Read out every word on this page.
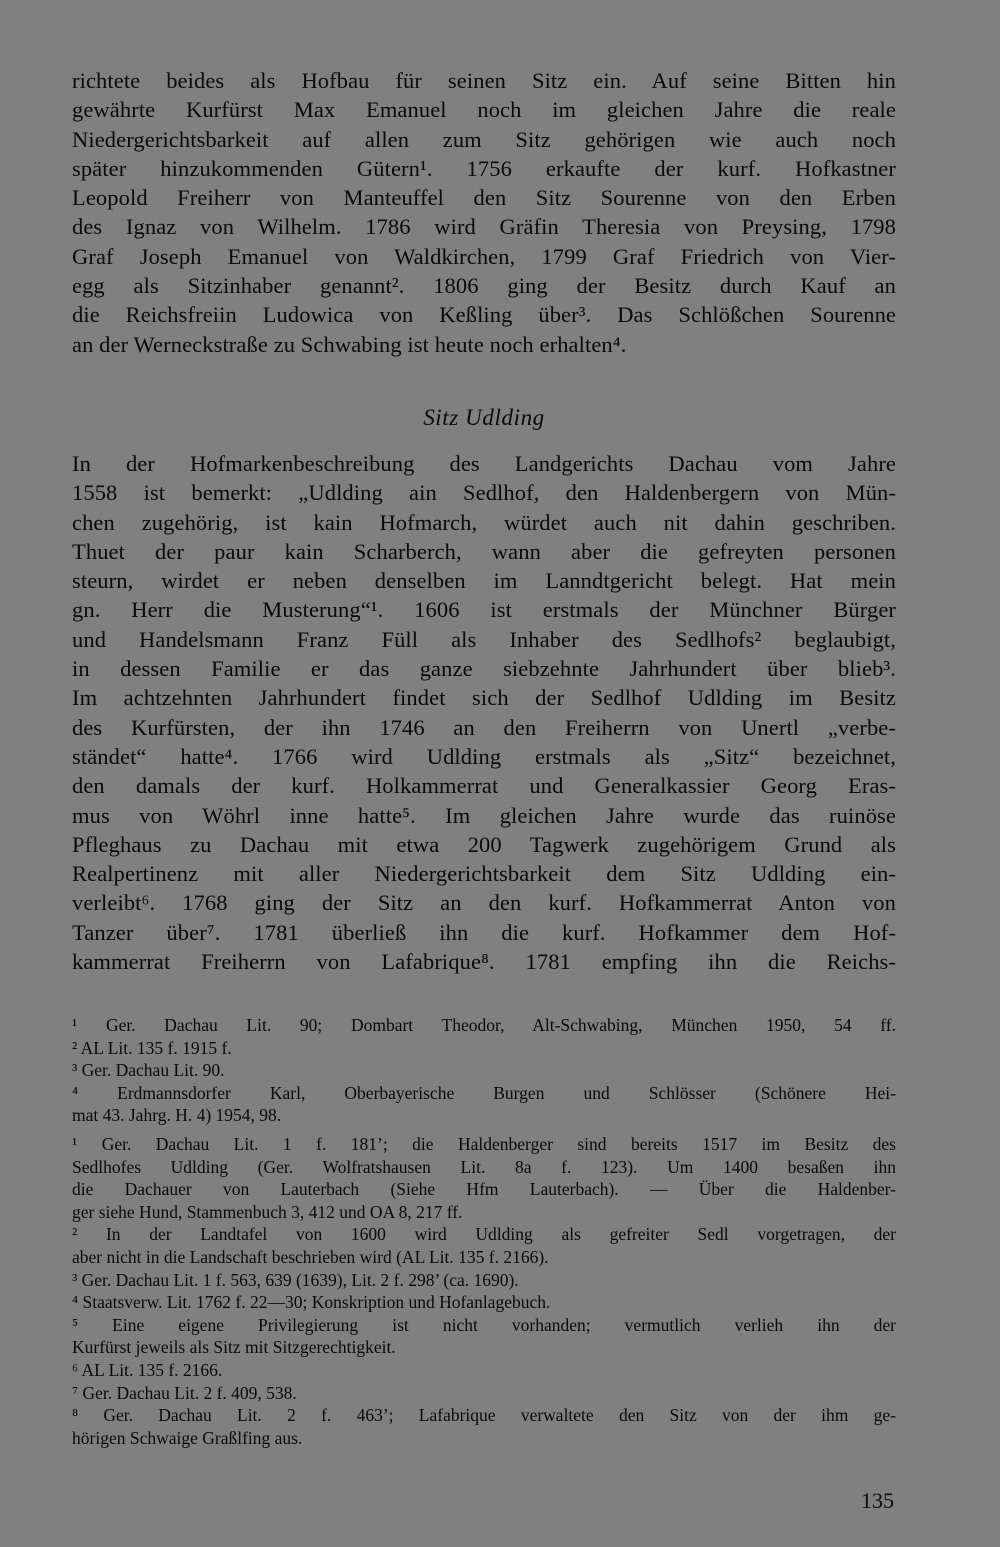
richtete beides als Hofbau für seinen Sitz ein. Auf seine Bitten hin
gewährte Kurfürst Max Emanuel noch im gleichen Jahre die reale
Niedergerichtsbarkeit auf allen zum Sitz gehörigen wie auch noch
später hinzukommenden Gütern¹. 1756 erkaufte der kurf. Hofkastner
Leopold Freiherr von Manteuffel den Sitz Sourenne von den Erben
des Ignaz von Wilhelm. 1786 wird Gräfin Theresia von Preysing, 1798
Graf Joseph Emanuel von Waldkirchen, 1799 Graf Friedrich von Vier-
egg als Sitzinhaber genannt². 1806 ging der Besitz durch Kauf an
die Reichsfreiin Ludowica von Keßling über³. Das Schlößchen Sourenne
an der Werneckstraße zu Schwabing ist heute noch erhalten⁴.
Sitz Udlding
In der Hofmarkenbeschreibung des Landgerichts Dachau vom Jahre
1558 ist bemerkt: „Udlding ain Sedlhof, den Haldenbergern von Mün-
chen zugehörig, ist kain Hofmarch, würdet auch nit dahin geschriben.
Thuet der paur kain Scharberch, wann aber die gefreyten personen
steurn, wirdet er neben denselben im Lanndtgericht belegt. Hat mein
gn. Herr die Musterung“¹. 1606 ist erstmals der Münchner Bürger
und Handelsmann Franz Füll als Inhaber des Sedlhofs² beglaubigt,
in dessen Familie er das ganze siebzehnte Jahrhundert über blieb³.
Im achtzehnten Jahrhundert findet sich der Sedlhof Udlding im Besitz
des Kurfürsten, der ihn 1746 an den Freiherrn von Unertl „verbe-
ständet“ hatte⁴. 1766 wird Udlding erstmals als „Sitz“ bezeichnet,
den damals der kurf. Holkammerrat und Generalkassier Georg Eras-
mus von Wöhrl inne hatte⁵. Im gleichen Jahre wurde das ruinöse
Pfleghaus zu Dachau mit etwa 200 Tagwerk zugehörigem Grund als
Realpertinenz mit aller Niedergerichtsbarkeit dem Sitz Udlding ein-
verleibt⁶. 1768 ging der Sitz an den kurf. Hofkammerrat Anton von
Tanzer über⁷. 1781 überließ ihn die kurf. Hofkammer dem Hof-
kammerrat Freiherrn von Lafabrique⁸. 1781 empfing ihn die Reichs-
¹ Ger. Dachau Lit. 90; Dombart Theodor, Alt-Schwabing, München 1950, 54 ff.
² AL Lit. 135 f. 1915 f.
³ Ger. Dachau Lit. 90.
⁴ Erdmannsdorfer Karl, Oberbayerische Burgen und Schlösser (Schönere Hei-
mat 43. Jahrg. H. 4) 1954, 98.
¹ Ger. Dachau Lit. 1 f. 181’; die Haldenberger sind bereits 1517 im Besitz des
Sedlhofes Udlding (Ger. Wolfratshausen Lit. 8a f. 123). Um 1400 besaßen ihn
die Dachauer von Lauterbach (Siehe Hfm Lauterbach). — Über die Haldenber-
ger siehe Hund, Stammenbuch 3, 412 und OA 8, 217 ff.
² In der Landtafel von 1600 wird Udlding als gefreiter Sedl vorgetragen, der
aber nicht in die Landschaft beschrieben wird (AL Lit. 135 f. 2166).
³ Ger. Dachau Lit. 1 f. 563, 639 (1639), Lit. 2 f. 298’ (ca. 1690).
⁴ Staatsverw. Lit. 1762 f. 22—30; Konskription und Hofanlagebuch.
⁵ Eine eigene Privilegierung ist nicht vorhanden; vermutlich verlieh ihn der
Kurfürst jeweils als Sitz mit Sitzgerechtigkeit.
⁶ AL Lit. 135 f. 2166.
⁷ Ger. Dachau Lit. 2 f. 409, 538.
⁸ Ger. Dachau Lit. 2 f. 463’; Lafabrique verwaltete den Sitz von der ihm ge-
hörigen Schwaige Graßlfing aus.
135
